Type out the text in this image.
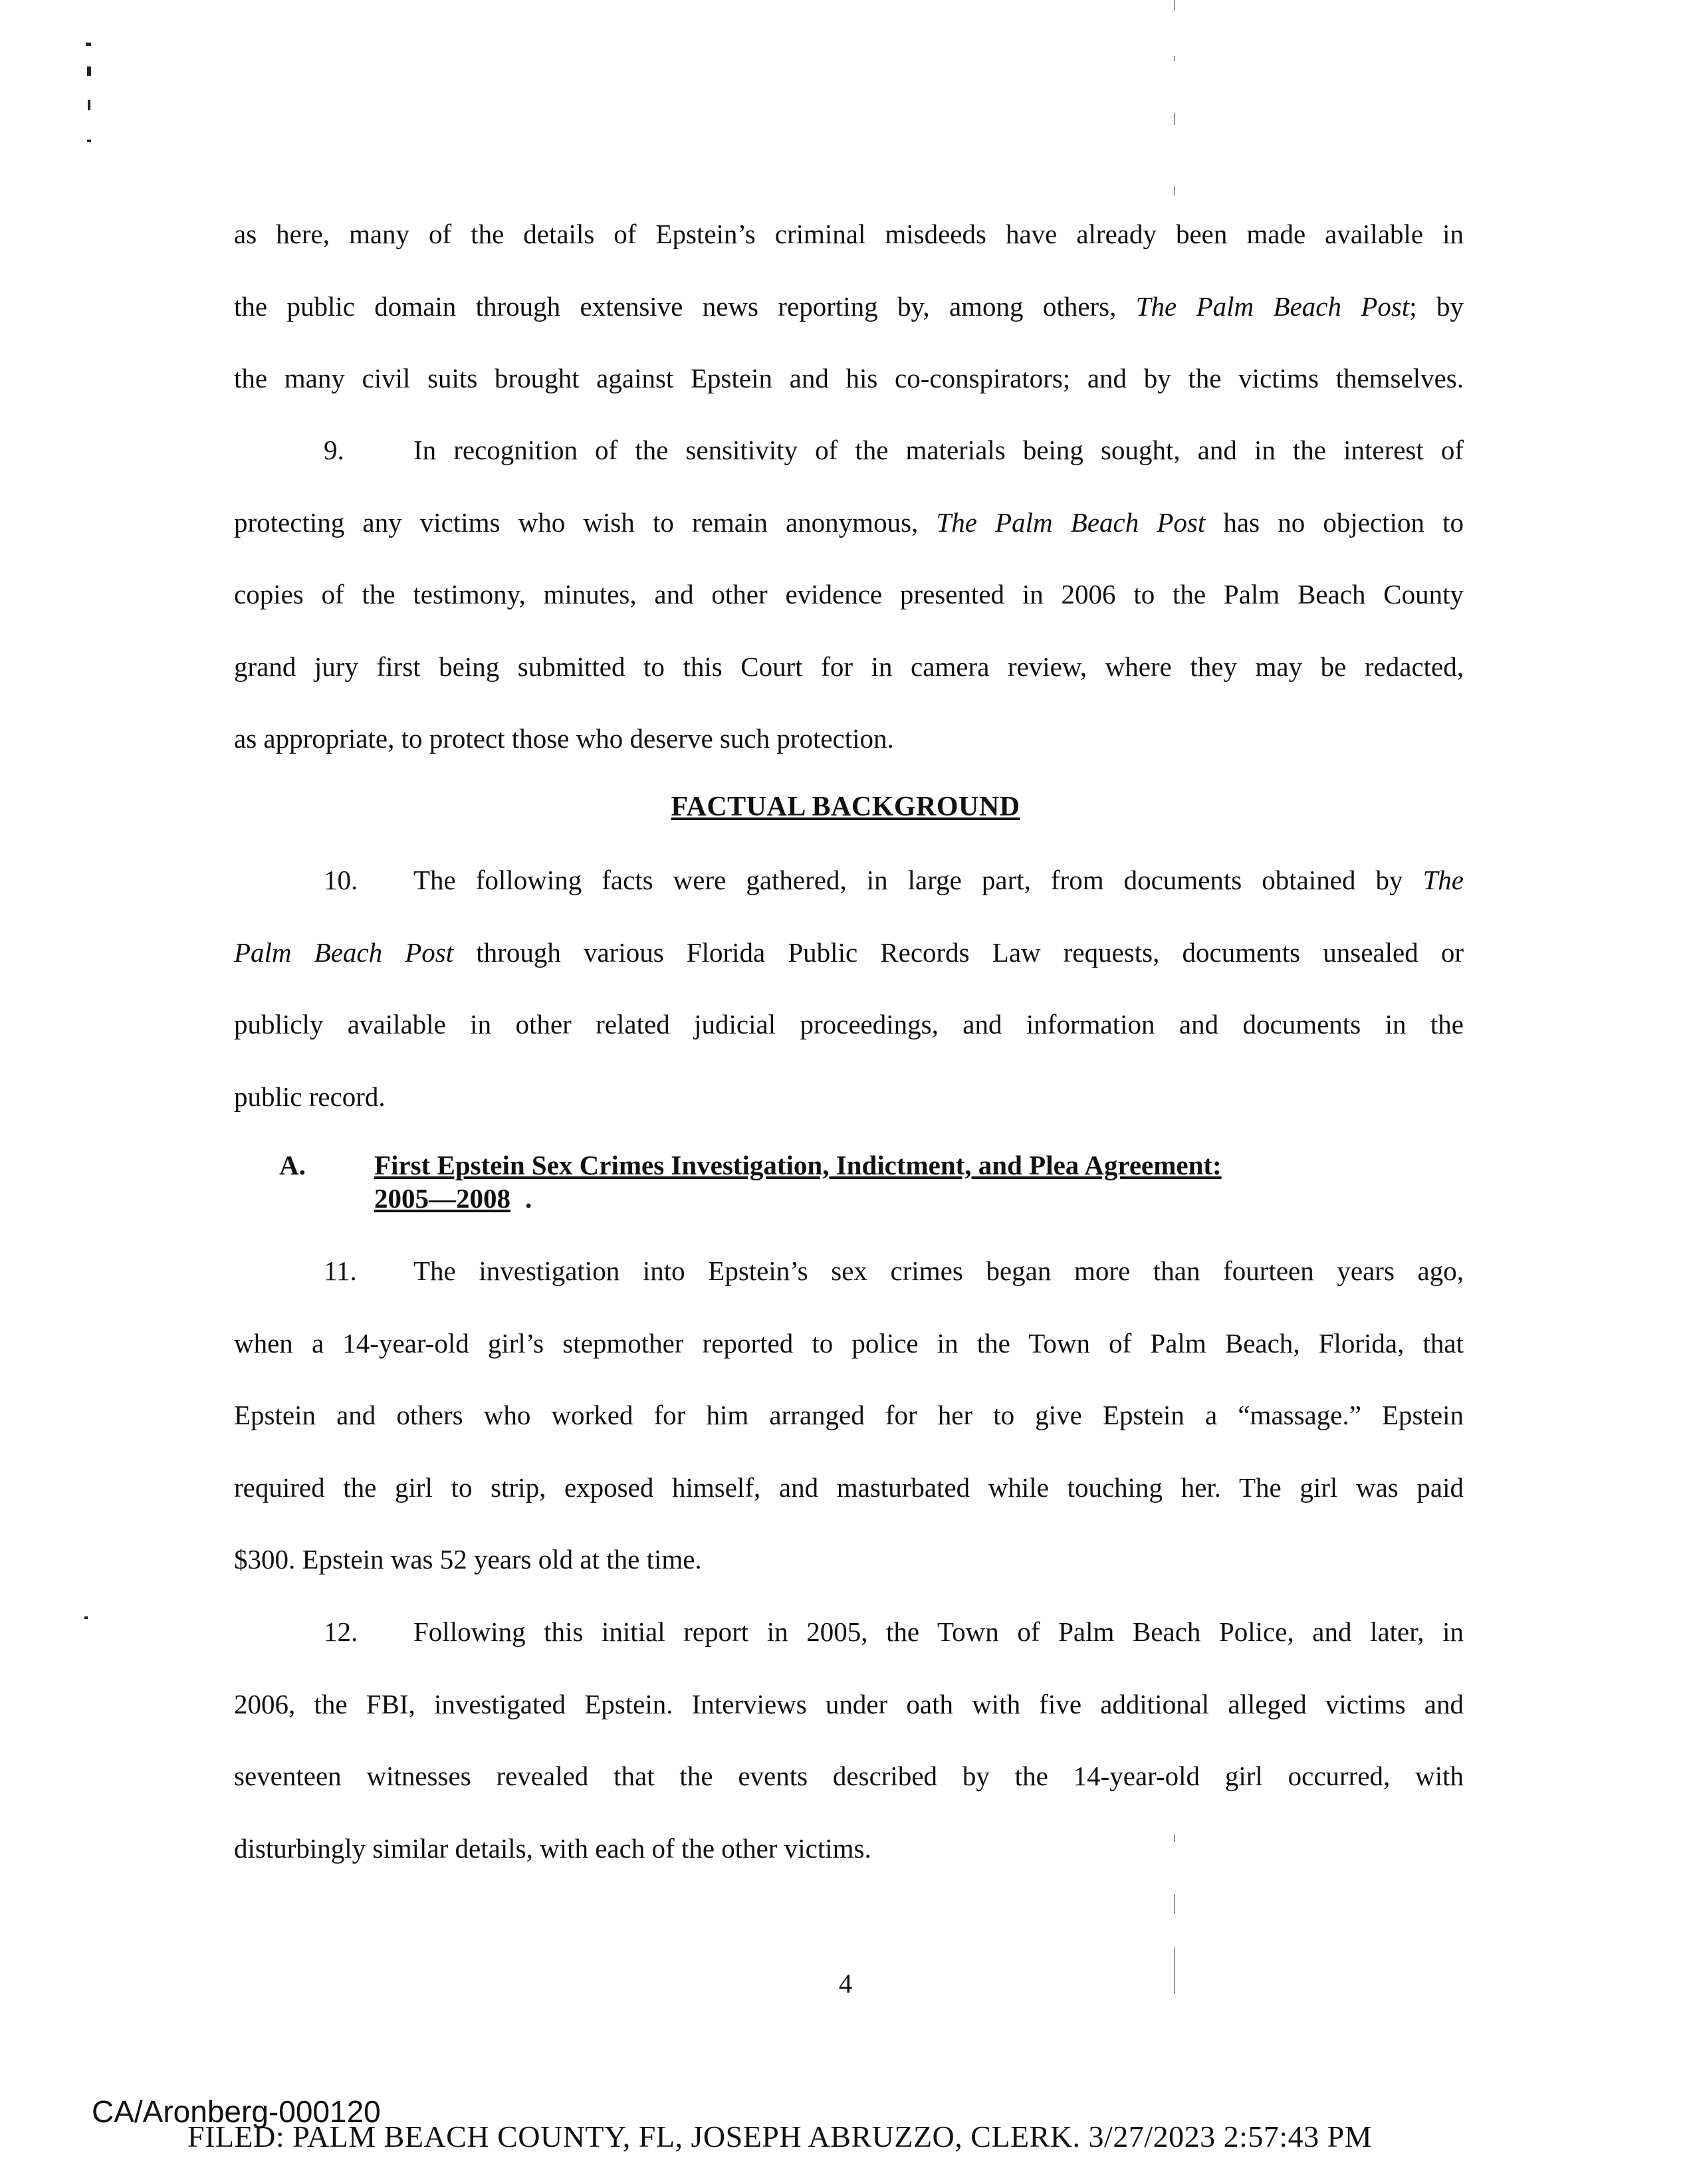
as here, many of the details of Epstein’s criminal misdeeds have already been made available in
the public domain through extensive news reporting by, among others, The Palm Beach Post; by
the many civil suits brought against Epstein and his co-conspirators; and by the victims themselves.
9.	In recognition of the sensitivity of the materials being sought, and in the interest of
protecting any victims who wish to remain anonymous, The Palm Beach Post has no objection to
copies of the testimony, minutes, and other evidence presented in 2006 to the Palm Beach County
grand jury first being submitted to this Court for in camera review, where they may be redacted,
as appropriate, to protect those who deserve such protection.
FACTUAL BACKGROUND
10. The following facts were gathered, in large part, from documents obtained by The
Palm Beach Post through various Florida Public Records Law requests, documents unsealed or
publicly available in other related judicial proceedings, and information and documents in the
public record.
A.	First Epstein Sex Crimes Investigation, Indictment, and Plea Agreement:
2005—2008 .
11. The investigation into Epstein’s sex crimes began more than fourteen years ago,
when a 14-year-old girl’s stepmother reported to police in the Town of Palm Beach, Florida, that
Epstein and others who worked for him arranged for her to give Epstein a “massage.” Epstein
required the girl to strip, exposed himself, and masturbated while touching her. The girl was paid
$300. Epstein was 52 years old at the time.
12. Following this initial report in 2005, the Town of Palm Beach Police, and later, in
2006, the FBI, investigated Epstein. Interviews under oath with five additional alleged victims and
seventeen witnesses revealed that the events described by the 14-year-old girl occurred, with
disturbingly similar details, with each of the other victims.
4
CA/Aronberg-000120
FILED: PALM BEACH COUNTY, FL, JOSEPH ABRUZZO, CLERK. 3/27/2023 2:57:43 PM
